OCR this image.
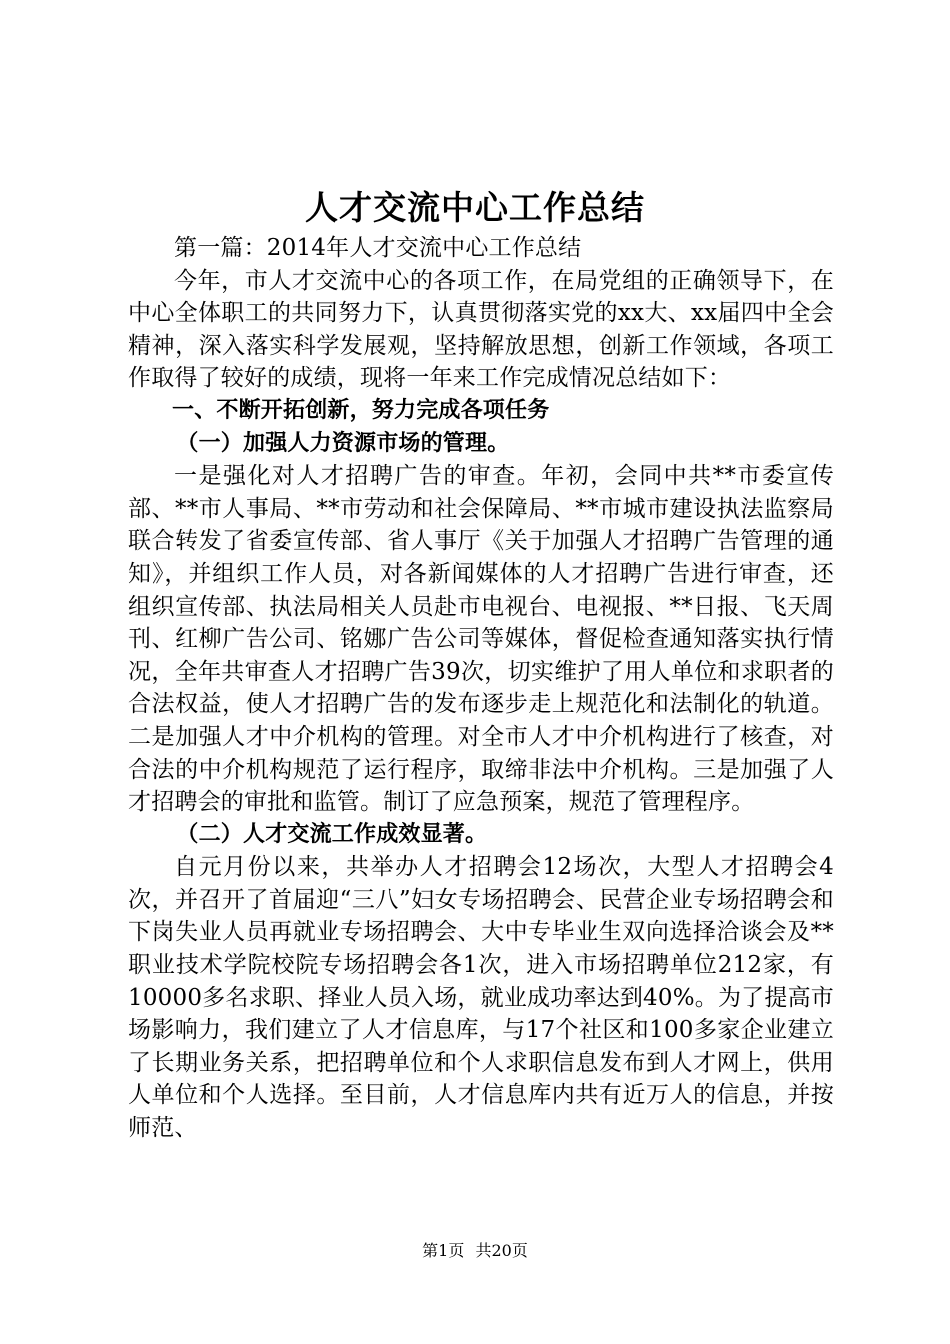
人才交流中心工作总结

第一篇：2014年人才交流中心工作总结

今年，市人才交流中心的各项工作，在局党组的正确领导下，在中心全体职工的共同努力下，认真贯彻落实党的xx大、xx届四中全会精神，深入落实科学发展观，坚持解放思想，创新工作领域，各项工作取得了较好的成绩，现将一年来工作完成情况总结如下：

一、不断开拓创新，努力完成各项任务

（一）加强人力资源市场的管理。

一是强化对人才招聘广告的审查。年初，会同中共**市委宣传部、**市人事局、**市劳动和社会保障局、**市城市建设执法监察局联合转发了省委宣传部、省人事厅《关于加强人才招聘广告管理的通知》，并组织工作人员，对各新闻媒体的人才招聘广告进行审查，还组织宣传部、执法局相关人员赴市电视台、电视报、**日报、飞天周刊、红柳广告公司、铭娜广告公司等媒体，督促检查通知落实执行情况，全年共审查人才招聘广告39次，切实维护了用人单位和求职者的合法权益，使人才招聘广告的发布逐步走上规范化和法制化的轨道。二是加强人才中介机构的管理。对全市人才中介机构进行了核查，对合法的中介机构规范了运行程序，取缔非法中介机构。三是加强了人才招聘会的审批和监管。制订了应急预案，规范了管理程序。

（二）人才交流工作成效显著。

自元月份以来，共举办人才招聘会12场次，大型人才招聘会4次，并召开了首届迎“三八”妇女专场招聘会、民营企业专场招聘会和下岗失业人员再就业专场招聘会、大中专毕业生双向选择洽谈会及**职业技术学院校院专场招聘会各1次，进入市场招聘单位212家，有10000多名求职、择业人员入场，就业成功率达到40%。为了提高市场影响力，我们建立了人才信息库，与17个社区和100多家企业建立了长期业务关系，把招聘单位和个人求职信息发布到人才网上，供用人单位和个人选择。至目前，人才信息库内共有近万人的信息，并按师范、

第1页 共20页
